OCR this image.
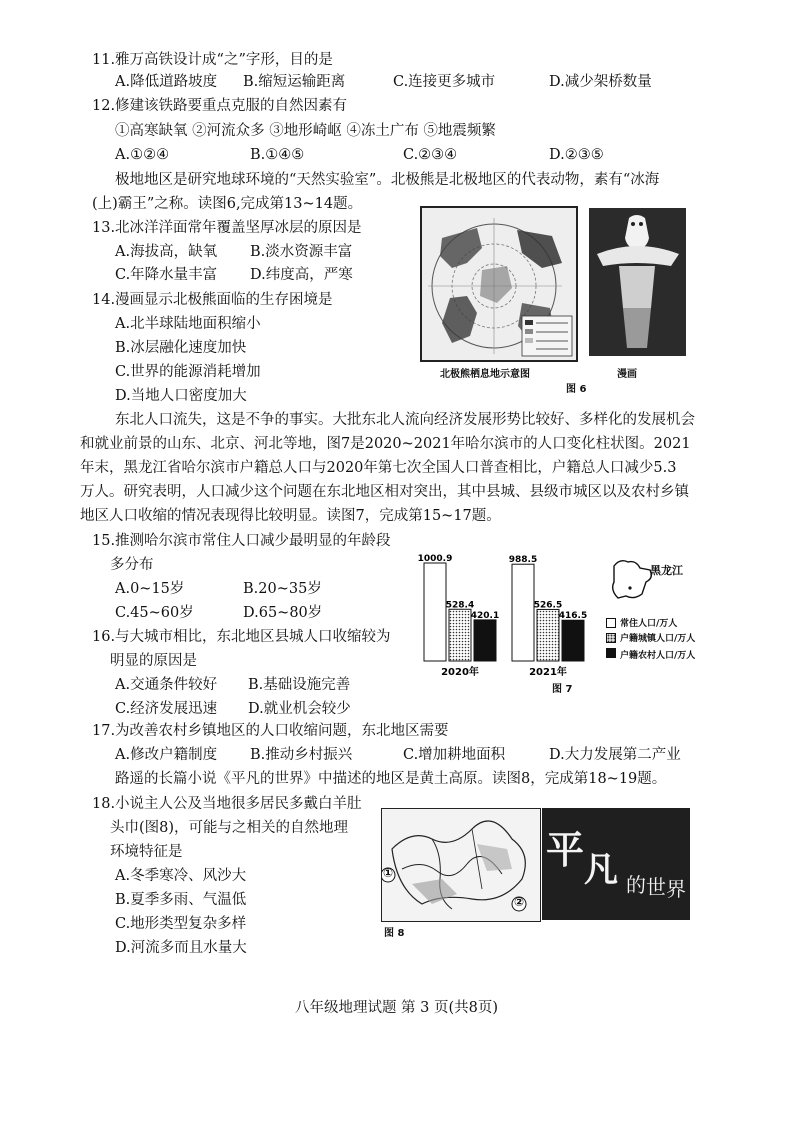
11.雅万高铁设计成“之”字形，目的是
A.降低道路坡度 B.缩短运输距离	C.连接更多城市	D.减少架桥数量
12.修建该铁路要重点克服的自然因素有
①高寒缺氧 ②河流众多 ③地形崎岖 ④冻土广布 ⑤地震频繁
A.①②④	B.①④⑤	C.②③④	D.②③⑤
极地地区是研究地球环境的“天然实验室”。北极熊是北极地区的代表动物，素有“冰海
(上)霸王”之称。读图6,完成第13~14题。
13.北冰洋洋面常年覆盖坚厚冰层的原因是
A.海拔高，缺氧 B.淡水资源丰富
C.年降水量丰富 D.纬度高，严寒
14.漫画显示北极熊面临的生存困境是
A.北半球陆地面积缩小
B.冰层融化速度加快
C.世界的能源消耗增加
D.当地人口密度加大
北极熊栖息地示意图	漫画
图 6
东北人口流失，这是不争的事实。大批东北人流向经济发展形势比较好、多样化的发展机会
和就业前景的山东、北京、河北等地，图7是2020~2021年哈尔滨市的人口变化柱状图。2021
年末，黑龙江省哈尔滨市户籍总人口与2020年第七次全国人口普查相比，户籍总人口减少5.3
万人。研究表明，人口减少这个问题在东北地区相对突出，其中县城、县级市城区以及农村乡镇
地区人口收缩的情况表现得比较明显。读图7，完成第15~17题。
15.推测哈尔滨市常住人口减少最明显的年龄段
多分布
A.0~15岁	B.20~35岁
C.45~60岁	D.65~80岁
16.与大城市相比，东北地区县城人口收缩较为
明显的原因是
A.交通条件较好 B.基础设施完善
C.经济发展迅速 D.就业机会较少
1000.9
528.4
420.1
2020年
988.5
526.5
416.5
2021年
黑龙江
常住人口/万人
户籍城镇人口/万人
户籍农村人口/万人
图 7
17.为改善农村乡镇地区的人口收缩问题，东北地区需要
A.修改户籍制度 B.推动乡村振兴	C.增加耕地面积	D.大力发展第二产业
路遥的长篇小说《平凡的世界》中描述的地区是黄土高原。读图8，完成第18~19题。
18.小说主人公及当地很多居民多戴白羊肚
头巾(图8)，可能与之相关的自然地理
环境特征是
A.冬季寒冷、风沙大
B.夏季多雨、气温低
C.地形类型复杂多样
D.河流多而且水量大
①
②
平 凡 的 世 界
图 8
八年级地理试题 第 3 页(共8页)
